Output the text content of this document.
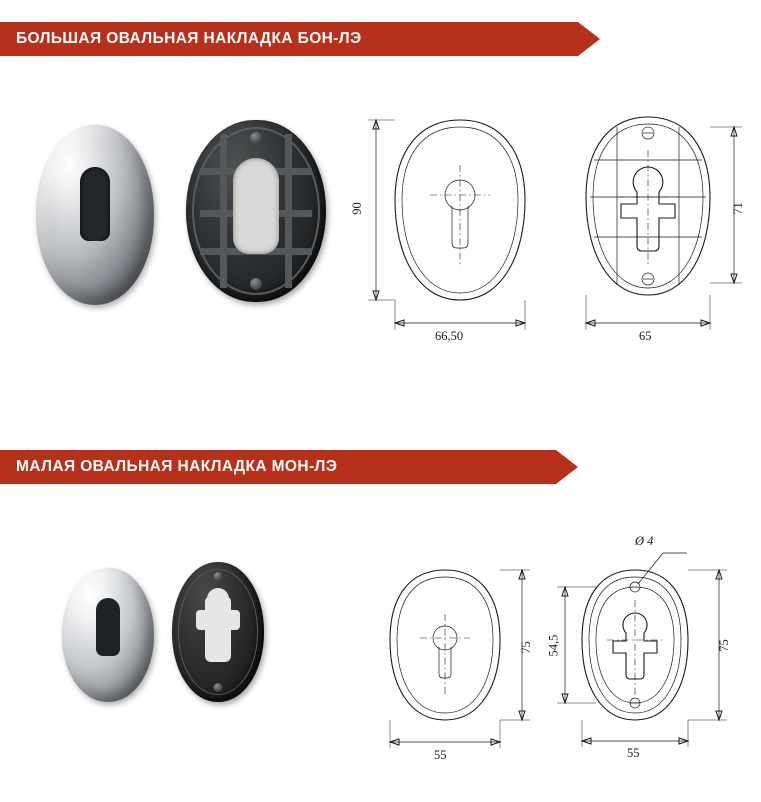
БОЛЬШАЯ ОВАЛЬНАЯ НАКЛАДКА БОН-ЛЭ
90
66,50
71
65
МАЛАЯ ОВАЛЬНАЯ НАКЛАДКА МОН-ЛЭ
75
55
Ø 4
54,5	75
55
